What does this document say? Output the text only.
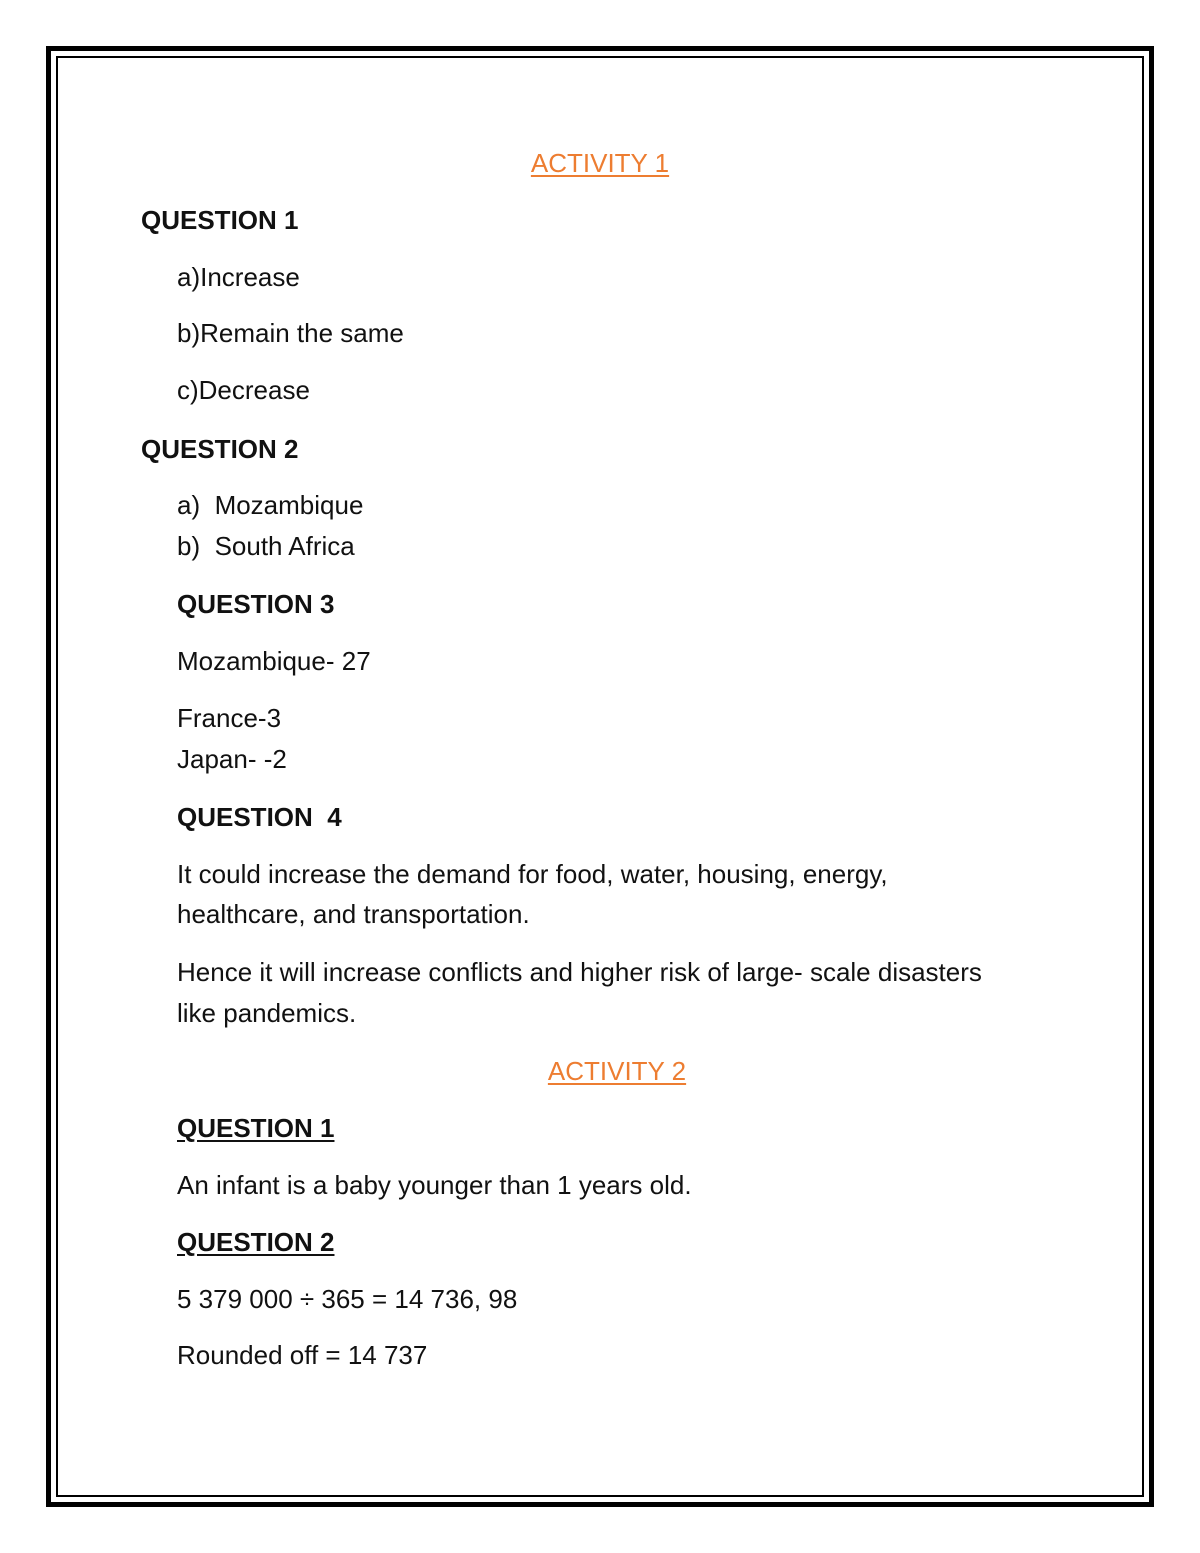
ACTIVITY 1

QUESTION 1

a)Increase

b)Remain the same

c)Decrease

QUESTION 2

a)  Mozambique

b)  South Africa

QUESTION 3

Mozambique- 27

France-3

Japan- -2

QUESTION  4

It could increase the demand for food, water, housing, energy,

healthcare, and transportation.

Hence it will increase conflicts and higher risk of large- scale disasters

like pandemics.

ACTIVITY 2

QUESTION 1

An infant is a baby younger than 1 years old.

QUESTION 2

5 379 000 ÷ 365 = 14 736, 98

Rounded off = 14 737
